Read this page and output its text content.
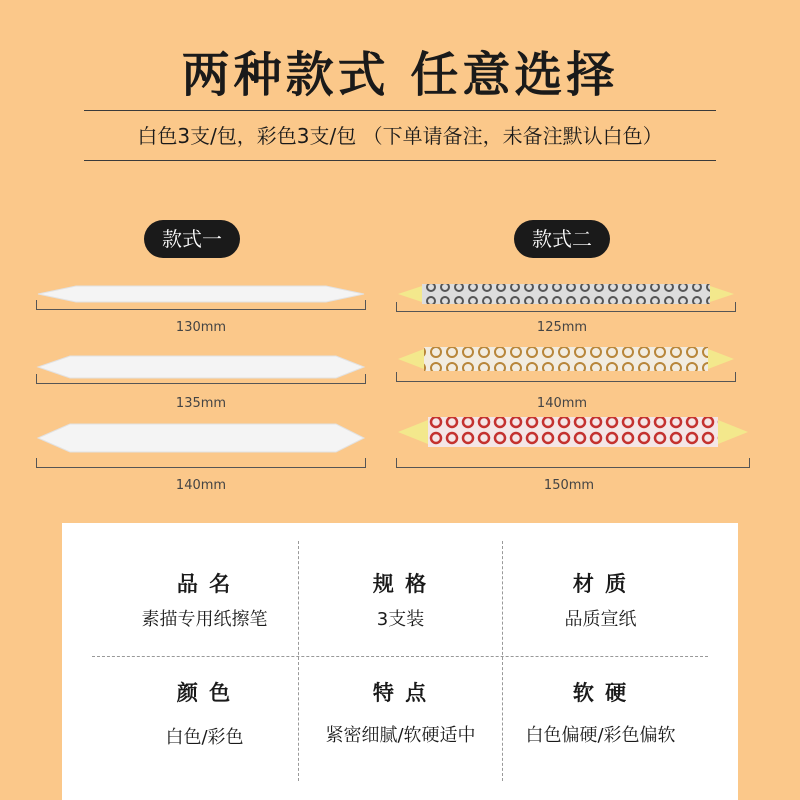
两种款式 任意选择
白色3支/包，彩色3支/包 （下单请备注，未备注默认白色）
款式一
130mm
135mm
140mm
款式二
125mm
140mm
150mm
品 名
素描专用纸擦笔
规 格
3支装
材 质
品质宣纸
颜 色
白色/彩色
特 点
紧密细腻/软硬适中
软 硬
白色偏硬/彩色偏软
